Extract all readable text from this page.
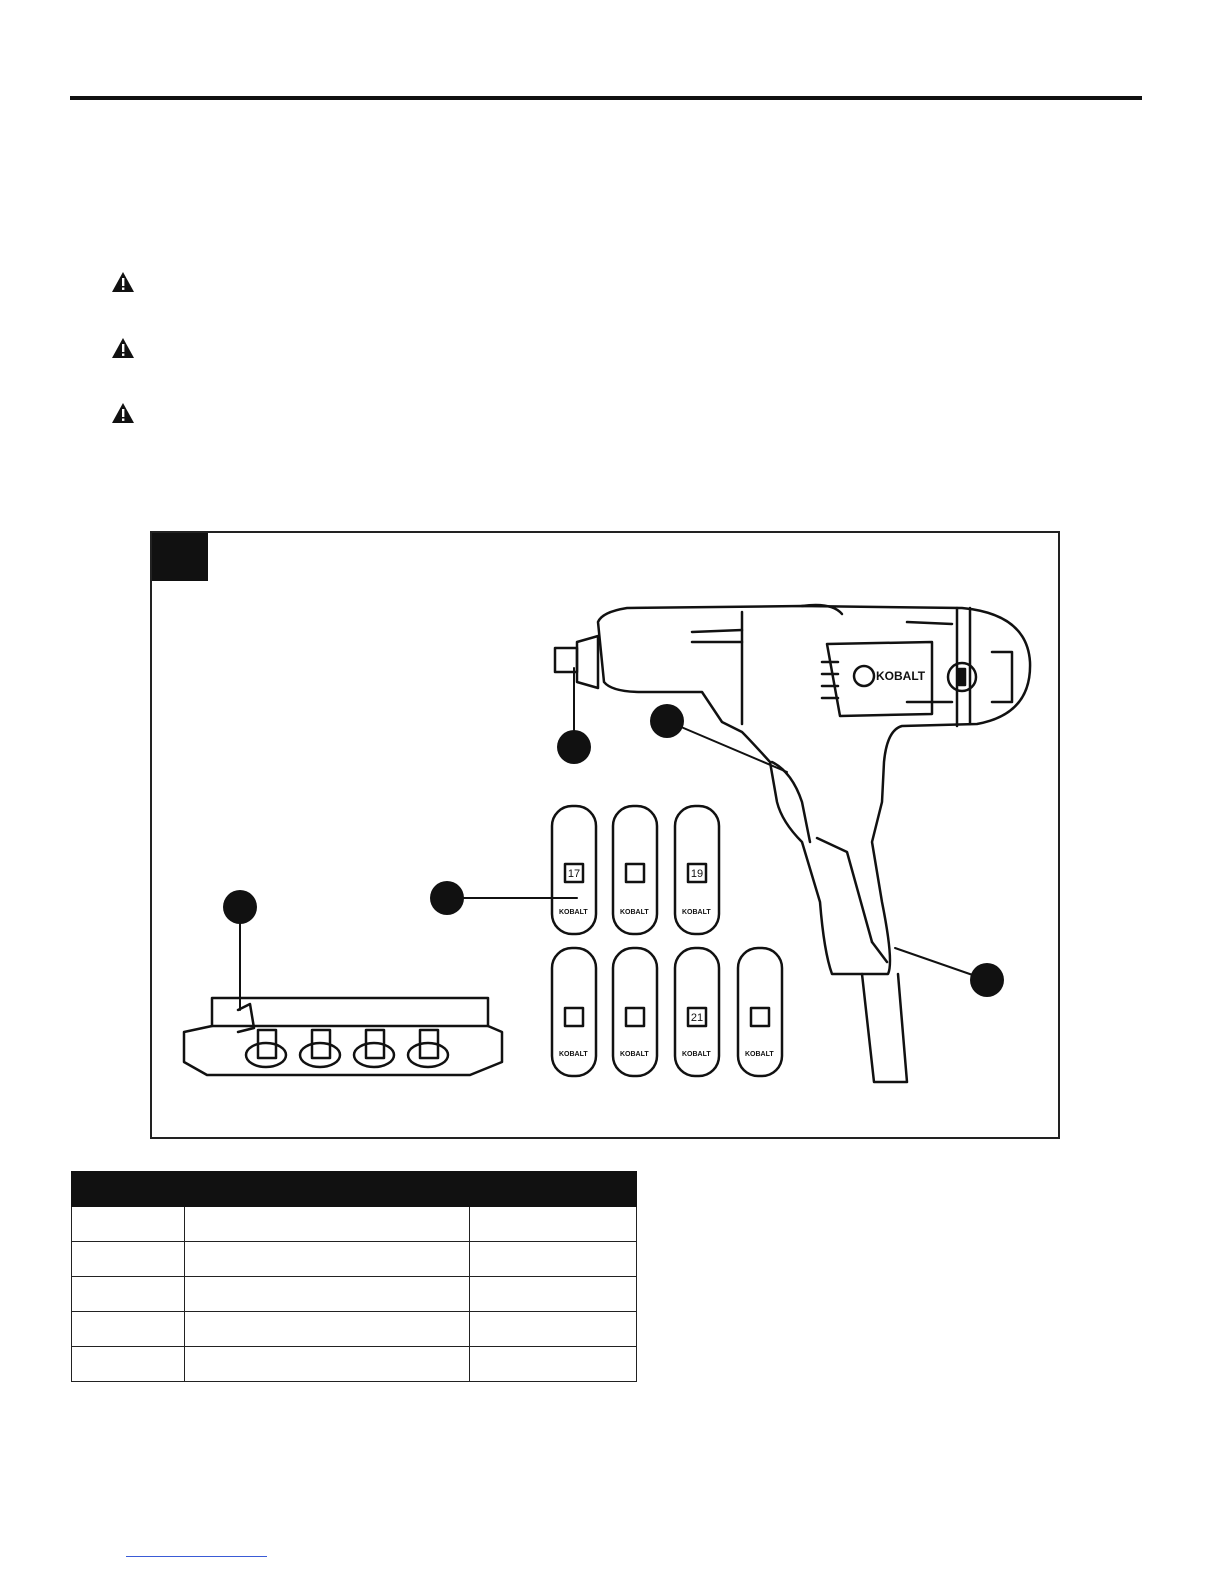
17	19
21
KOBALT
KOBALT	KOBALT	KOBALT
KOBALT	KOBALT	KOBALT	KOBALT
